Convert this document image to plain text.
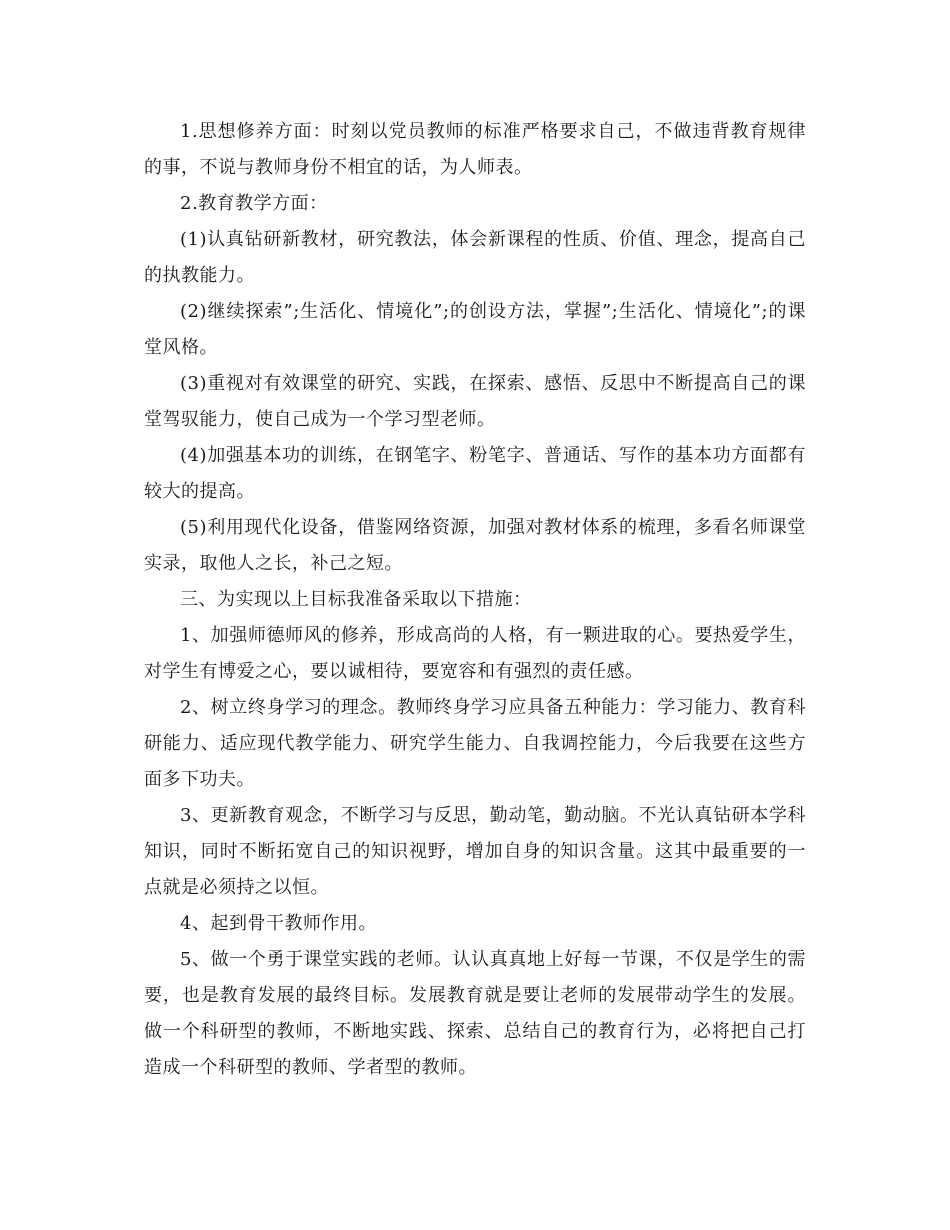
1.思想修养方面：时刻以党员教师的标准严格要求自己，不做违背教育规律的事，不说与教师身份不相宜的话，为人师表。

2.教育教学方面：

(1)认真钻研新教材，研究教法，体会新课程的性质、价值、理念，提高自己的执教能力。

(2)继续探索”;生活化、情境化”;的创设方法，掌握”;生活化、情境化”;的课堂风格。

(3)重视对有效课堂的研究、实践，在探索、感悟、反思中不断提高自己的课堂驾驭能力，使自己成为一个学习型老师。

(4)加强基本功的训练，在钢笔字、粉笔字、普通话、写作的基本功方面都有较大的提高。

(5)利用现代化设备，借鉴网络资源，加强对教材体系的梳理，多看名师课堂实录，取他人之长，补己之短。

三、为实现以上目标我准备采取以下措施：

1、加强师德师风的修养，形成高尚的人格，有一颗进取的心。要热爱学生，对学生有博爱之心，要以诚相待，要宽容和有强烈的责任感。

2、树立终身学习的理念。教师终身学习应具备五种能力：学习能力、教育科研能力、适应现代教学能力、研究学生能力、自我调控能力，今后我要在这些方面多下功夫。

3、更新教育观念，不断学习与反思，勤动笔，勤动脑。不光认真钻研本学科知识，同时不断拓宽自己的知识视野，增加自身的知识含量。这其中最重要的一点就是必须持之以恒。

4、起到骨干教师作用。

5、做一个勇于课堂实践的老师。认认真真地上好每一节课，不仅是学生的需要，也是教育发展的最终目标。发展教育就是要让老师的发展带动学生的发展。做一个科研型的教师，不断地实践、探索、总结自己的教育行为，必将把自己打造成一个科研型的教师、学者型的教师。
